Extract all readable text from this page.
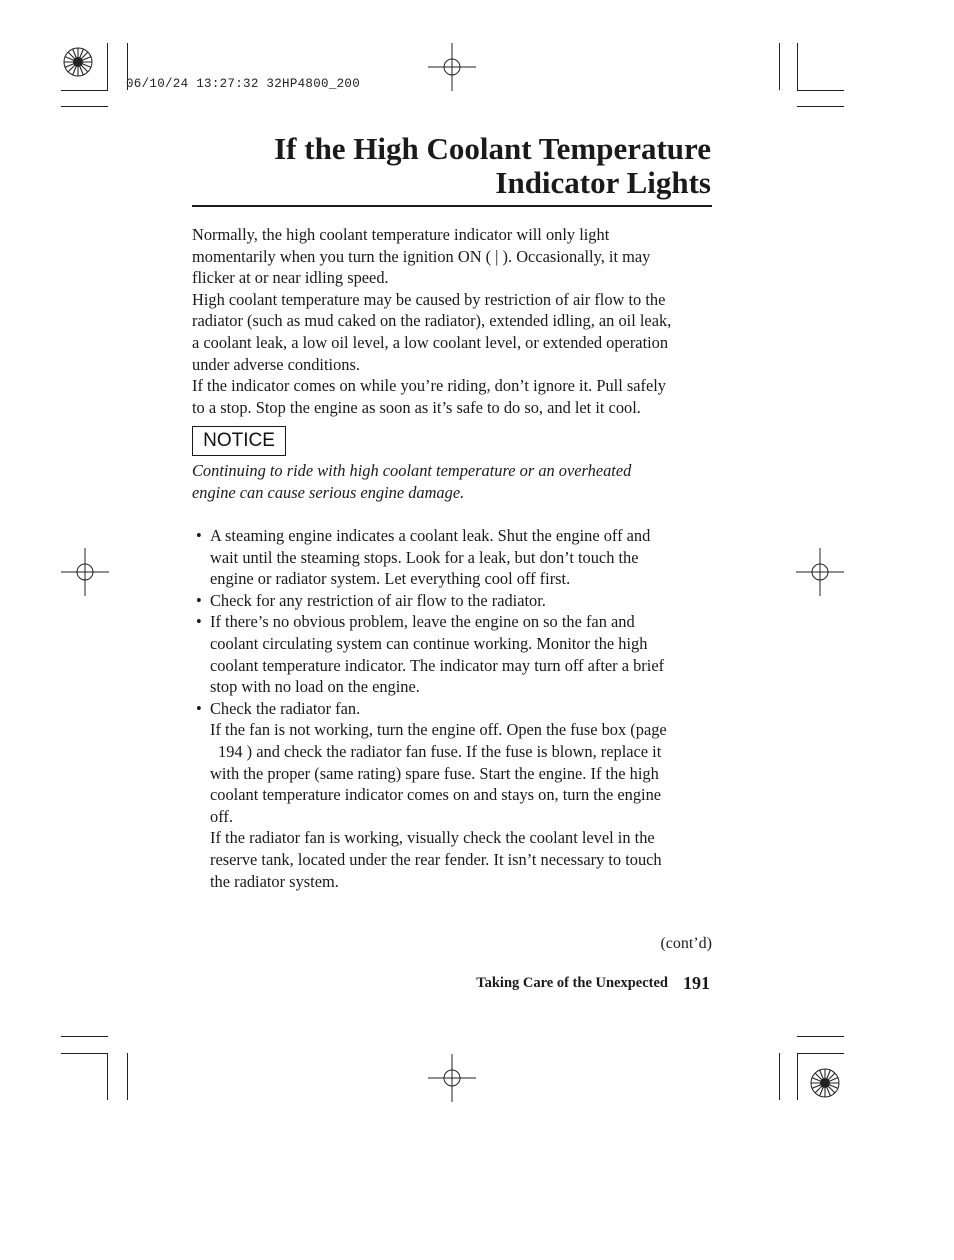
06/10/24 13:27:32 32HP4800_200
If the High Coolant Temperature
Indicator Lights

Normally, the high coolant temperature indicator will only light

momentarily when you turn the ignition ON ( | ). Occasionally, it may

flicker at or near idling speed.

High coolant temperature may be caused by restriction of air flow to the

radiator (such as mud caked on the radiator), extended idling, an oil leak,

a coolant leak, a low oil level, a low coolant level, or extended operation

under adverse conditions.

If the indicator comes on while you’re riding, don’t ignore it. Pull safely

to a stop. Stop the engine as soon as it’s safe to do so, and let it cool.

NOTICE

Continuing to ride with high coolant temperature or an overheated

engine can cause serious engine damage.

• A steaming engine indicates a coolant leak. Shut the engine off and

wait until the steaming stops. Look for a leak, but don’t touch the

engine or radiator system. Let everything cool off first.

• Check for any restriction of air flow to the radiator.

• If there’s no obvious problem, leave the engine on so the fan and

coolant circulating system can continue working. Monitor the high

coolant temperature indicator. The indicator may turn off after a brief

stop with no load on the engine.

• Check the radiator fan.

If the fan is not working, turn the engine off. Open the fuse box (page

194 ) and check the radiator fan fuse. If the fuse is blown, replace it

with the proper (same rating) spare fuse. Start the engine. If the high

coolant temperature indicator comes on and stays on, turn the engine

off.

If the radiator fan is working, visually check the coolant level in the

reserve tank, located under the rear fender. It isn’t necessary to touch

the radiator system.

(cont’d)
Taking Care of the Unexpected 191
